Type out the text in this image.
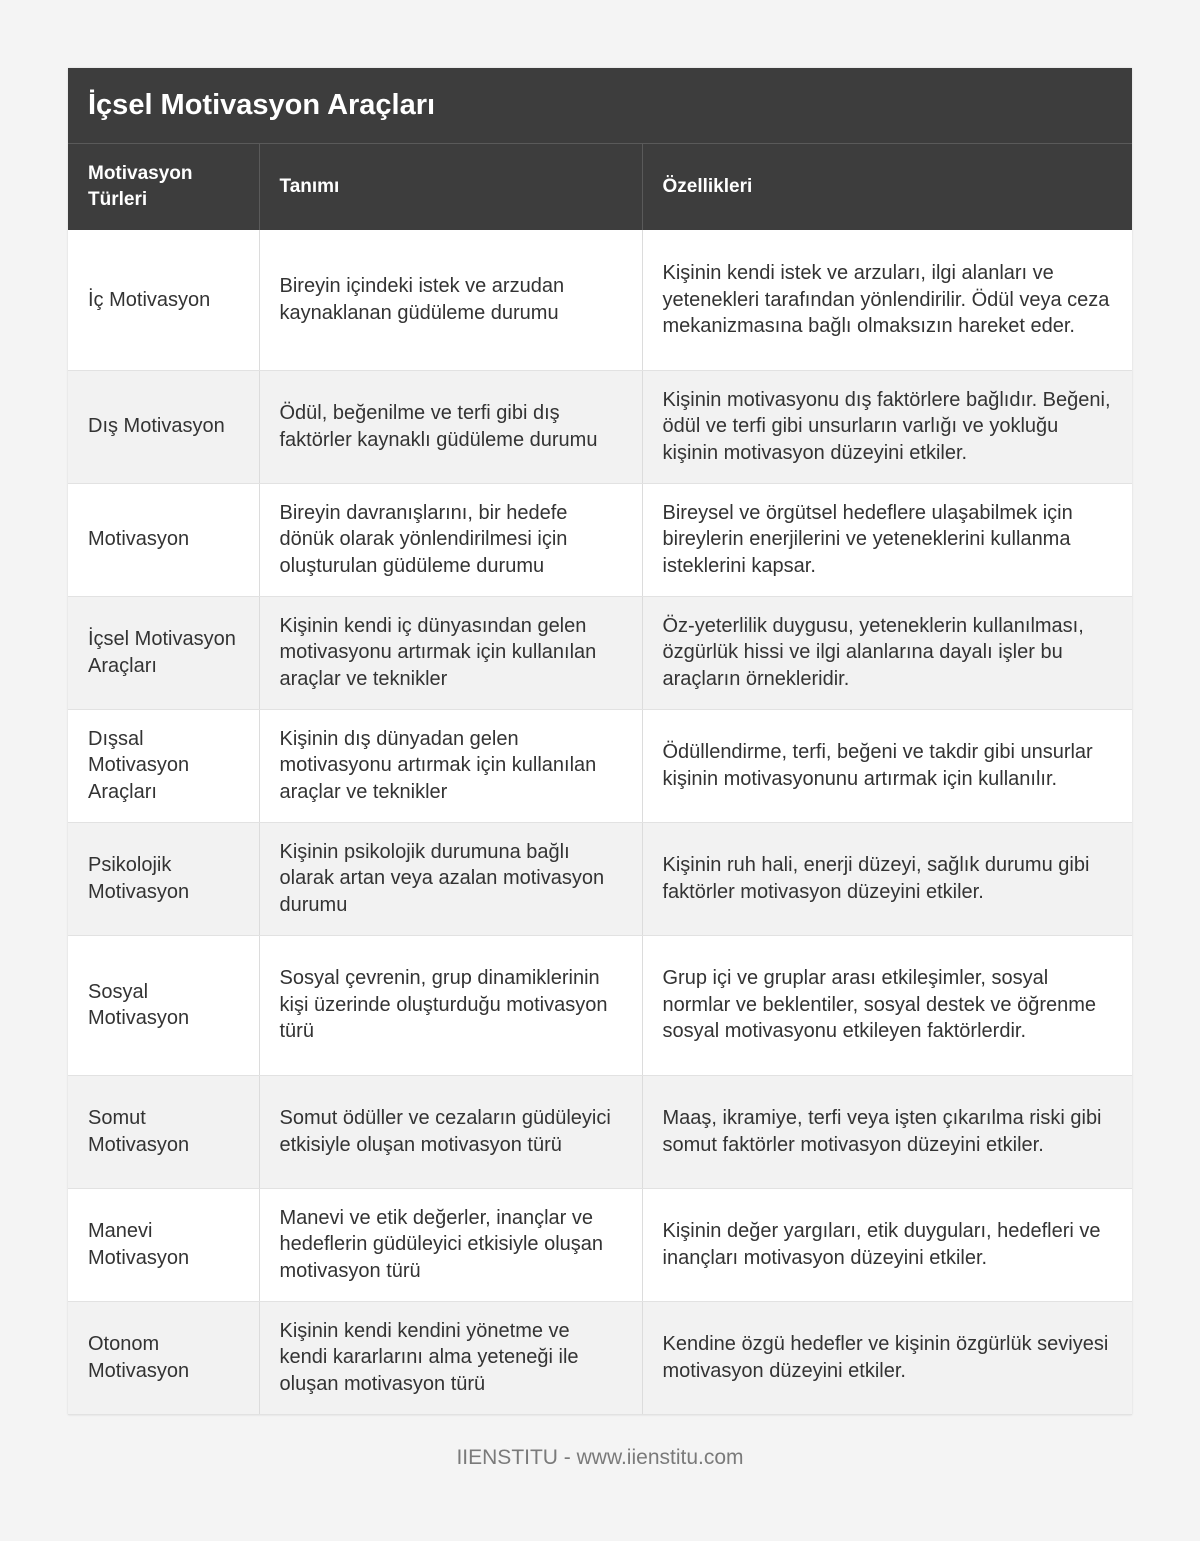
İçsel Motivasyon Araçları
Motivasyon Türleri	Tanımı	Özellikleri
İç Motivasyon	Bireyin içindeki istek ve arzudan kaynaklanan güdüleme durumu	Kişinin kendi istek ve arzuları, ilgi alanları ve yetenekleri tarafından yönlendirilir. Ödül veya ceza mekanizmasına bağlı olmaksızın hareket eder.
Dış Motivasyon	Ödül, beğenilme ve terfi gibi dış faktörler kaynaklı güdüleme durumu	Kişinin motivasyonu dış faktörlere bağlıdır. Beğeni, ödül ve terfi gibi unsurların varlığı ve yokluğu kişinin motivasyon düzeyini etkiler.
Motivasyon	Bireyin davranışlarını, bir hedefe dönük olarak yönlendirilmesi için oluşturulan güdüleme durumu	Bireysel ve örgütsel hedeflere ulaşabilmek için bireylerin enerjilerini ve yeteneklerini kullanma isteklerini kapsar.
İçsel Motivasyon Araçları	Kişinin kendi iç dünyasından gelen motivasyonu artırmak için kullanılan araçlar ve teknikler	Öz-yeterlilik duygusu, yeteneklerin kullanılması, özgürlük hissi ve ilgi alanlarına dayalı işler bu araçların örnekleridir.
Dışsal Motivasyon Araçları	Kişinin dış dünyadan gelen motivasyonu artırmak için kullanılan araçlar ve teknikler	Ödüllendirme, terfi, beğeni ve takdir gibi unsurlar kişinin motivasyonunu artırmak için kullanılır.
Psikolojik Motivasyon	Kişinin psikolojik durumuna bağlı olarak artan veya azalan motivasyon durumu	Kişinin ruh hali, enerji düzeyi, sağlık durumu gibi faktörler motivasyon düzeyini etkiler.
Sosyal Motivasyon	Sosyal çevrenin, grup dinamiklerinin kişi üzerinde oluşturduğu motivasyon türü	Grup içi ve gruplar arası etkileşimler, sosyal normlar ve beklentiler, sosyal destek ve öğrenme sosyal motivasyonu etkileyen faktörlerdir.
Somut Motivasyon	Somut ödüller ve cezaların güdüleyici etkisiyle oluşan motivasyon türü	Maaş, ikramiye, terfi veya işten çıkarılma riski gibi somut faktörler motivasyon düzeyini etkiler.
Manevi Motivasyon	Manevi ve etik değerler, inançlar ve hedeflerin güdüleyici etkisiyle oluşan motivasyon türü	Kişinin değer yargıları, etik duyguları, hedefleri ve inançları motivasyon düzeyini etkiler.
Otonom Motivasyon	Kişinin kendi kendini yönetme ve kendi kararlarını alma yeteneği ile oluşan motivasyon türü	Kendine özgü hedefler ve kişinin özgürlük seviyesi motivasyon düzeyini etkiler.
IIENSTITU - www.iienstitu.com
